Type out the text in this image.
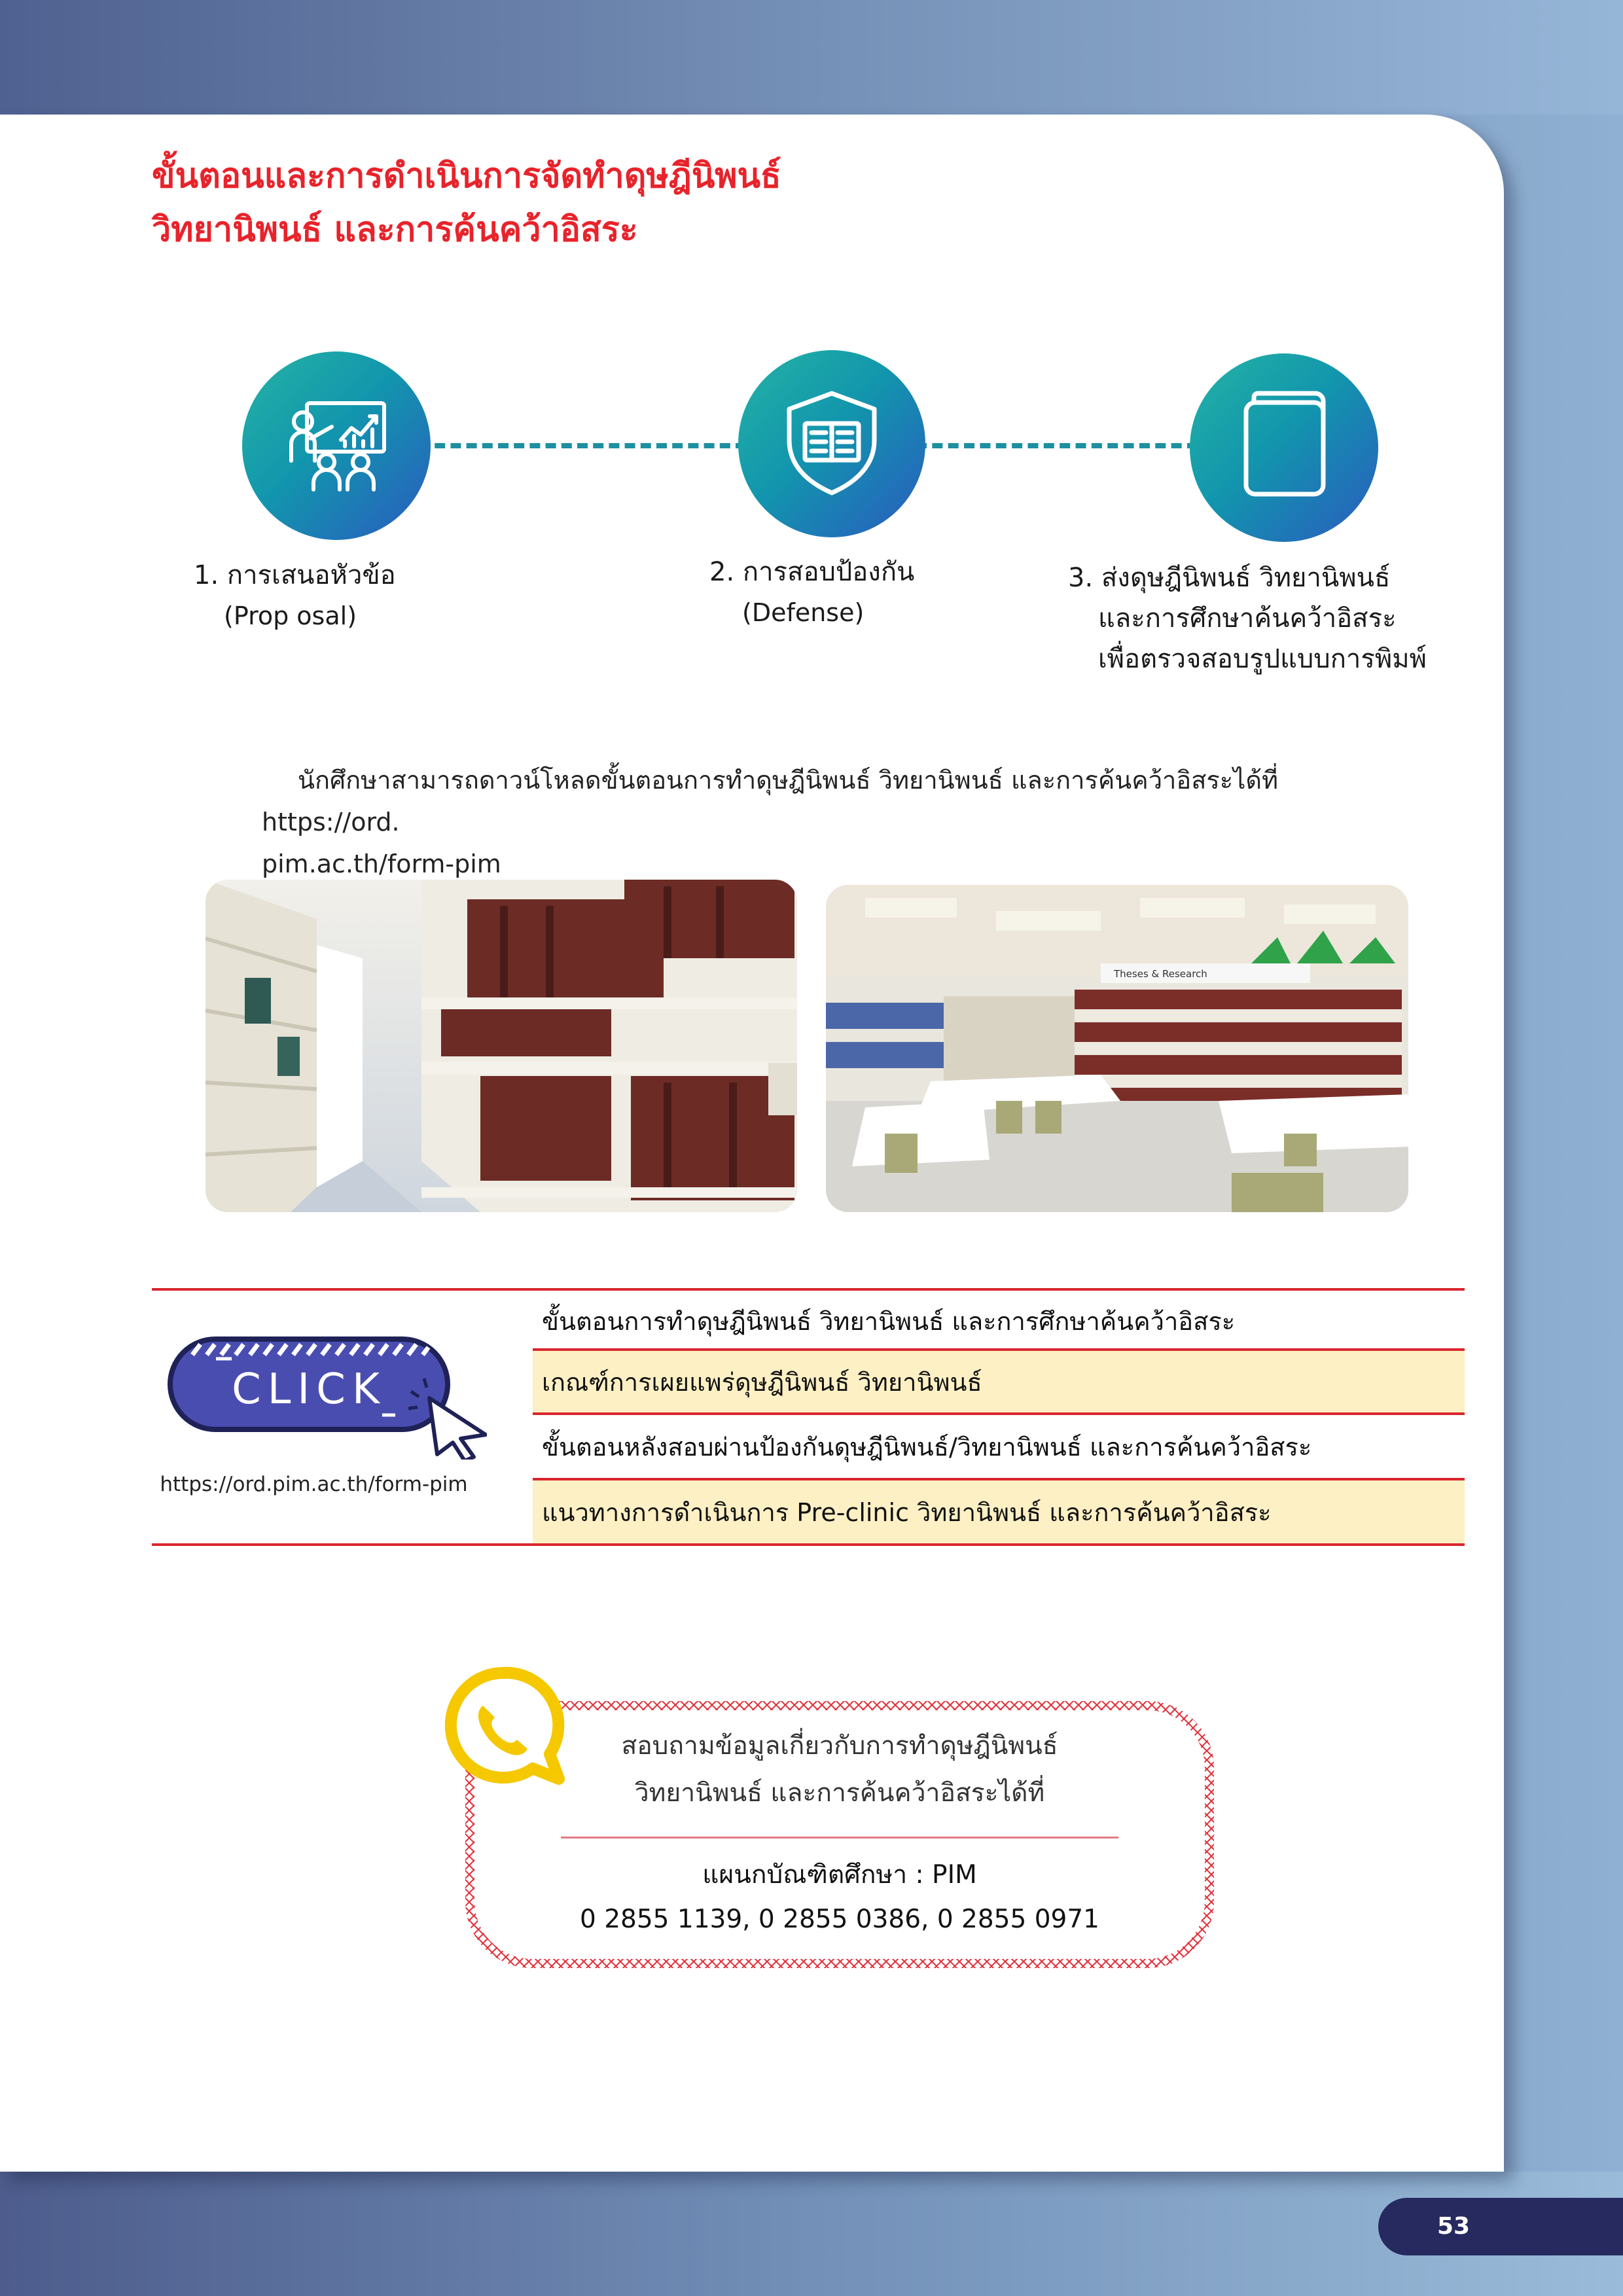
53
ขั้นตอนและการดำเนินการจัดทำดุษฎีนิพนธ์
วิทยานิพนธ์ และการค้นคว้าอิสระ
1. การเสนอหัวข้อ
(Prop osal)
2. การสอบป้องกัน
(Defense)
3. ส่งดุษฎีนิพนธ์ วิทยานิพนธ์
และการศึกษาค้นคว้าอิสระ
เพื่อตรวจสอบรูปแบบการพิมพ์
นักศึกษาสามารถดาวน์โหลดขั้นตอนการทำดุษฎีนิพนธ์ วิทยานิพนธ์ และการค้นคว้าอิสระได้ที่ https://ord.
pim.ac.th/form-pim
Theses & Research
ขั้นตอนการทำดุษฎีนิพนธ์ วิทยานิพนธ์ และการศึกษาค้นคว้าอิสระ
เกณฑ์การเผยแพร่ดุษฎีนิพนธ์ วิทยานิพนธ์
ขั้นตอนหลังสอบผ่านป้องกันดุษฎีนิพนธ์/วิทยานิพนธ์ และการค้นคว้าอิสระ
แนวทางการดำเนินการ Pre-clinic วิทยานิพนธ์ และการค้นคว้าอิสระ
CLICK
https://ord.pim.ac.th/form-pim
สอบถามข้อมูลเกี่ยวกับการทำดุษฎีนิพนธ์
วิทยานิพนธ์ และการค้นคว้าอิสระได้ที่
แผนกบัณฑิตศึกษา : PIM
0 2855 1139, 0 2855 0386, 0 2855 0971
